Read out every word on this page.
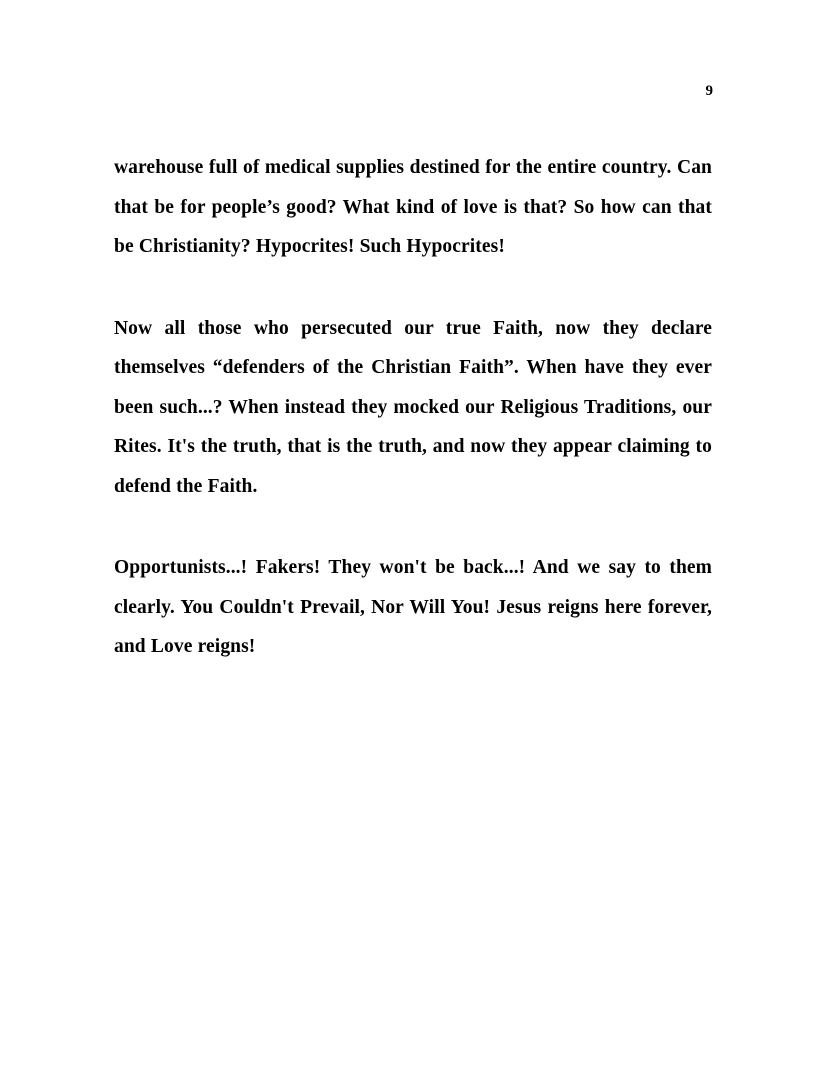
9

warehouse full of medical supplies destined for the entire country. Can that be for people’s good? What kind of love is that? So how can that be Christianity? Hypocrites! Such Hypocrites!

Now all those who persecuted our true Faith, now they declare themselves “defenders of the Christian Faith”. When have they ever been such...? When instead they mocked our Religious Traditions, our Rites. It's the truth, that is the truth, and now they appear claiming to defend the Faith.

Opportunists...! Fakers! They won't be back...! And we say to them clearly. You Couldn't Prevail, Nor Will You! Jesus reigns here forever, and Love reigns!
